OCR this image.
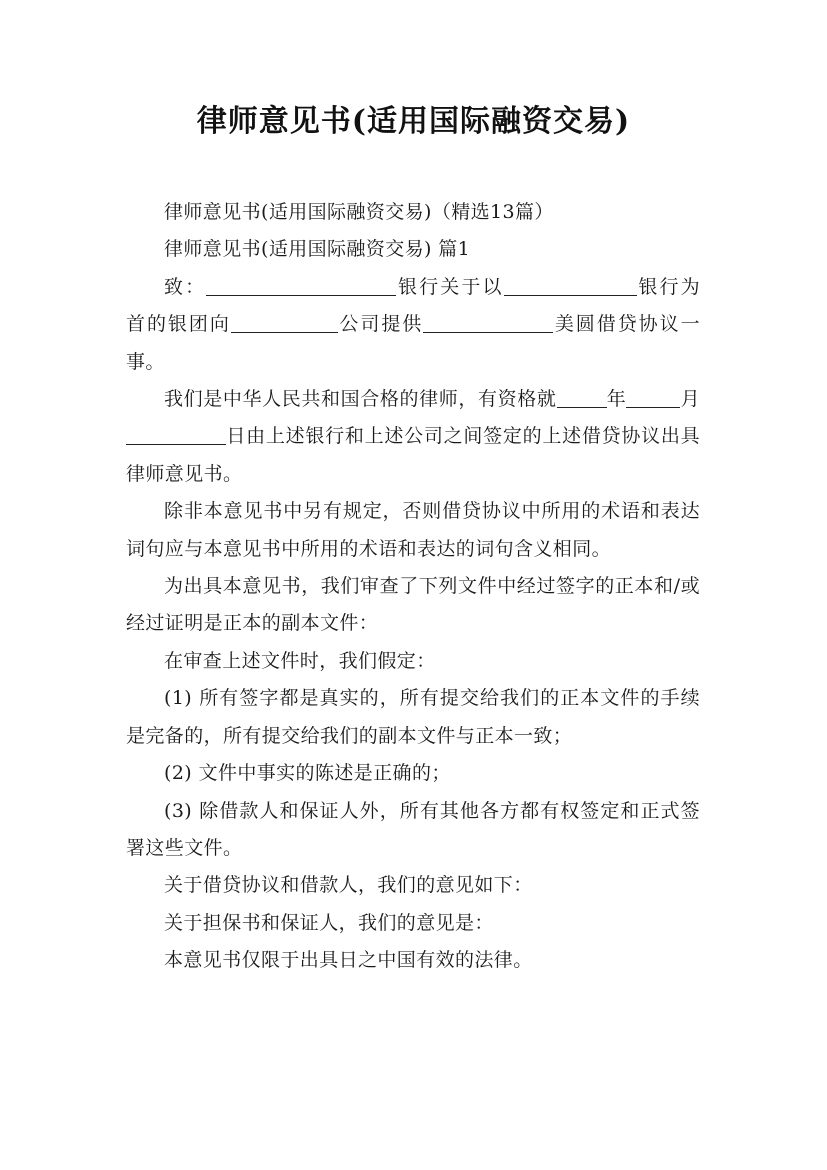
律师意见书(适用国际融资交易)

律师意见书(适用国际融资交易)（精选13篇）

律师意见书(适用国际融资交易) 篇1

致：	银行关于以	银行为首的银团向	公司提供	美圆借贷协议一事。

我们是中华人民共和国合格的律师，有资格就	年	月日由上述银行和上述公司之间签定的上述借贷协议出具律师意见书。

除非本意见书中另有规定，否则借贷协议中所用的术语和表达词句应与本意见书中所用的术语和表达的词句含义相同。

为出具本意见书，我们审查了下列文件中经过签字的正本和/或经过证明是正本的副本文件：

在审查上述文件时，我们假定：

(1) 所有签字都是真实的，所有提交给我们的正本文件的手续是完备的，所有提交给我们的副本文件与正本一致；

(2) 文件中事实的陈述是正确的；

(3) 除借款人和保证人外，所有其他各方都有权签定和正式签署这些文件。

关于借贷协议和借款人，我们的意见如下：

关于担保书和保证人，我们的意见是：

本意见书仅限于出具日之中国有效的法律。
